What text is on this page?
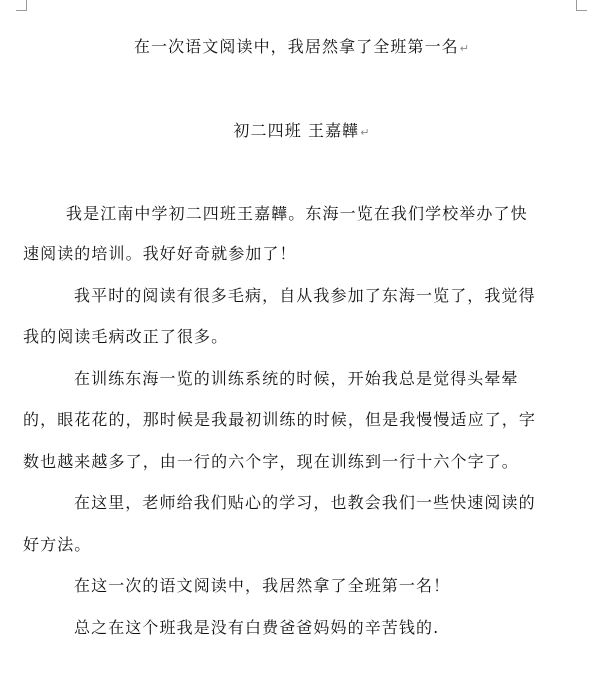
在一次语文阅读中，我居然拿了全班第一名↵
初二四班 王嘉韡↵
我是江南中学初二四班王嘉韡。东海一览在我们学校举办了快
速阅读的培训。我好好奇就参加了！
我平时的阅读有很多毛病，自从我参加了东海一览了，我觉得
我的阅读毛病改正了很多。
在训练东海一览的训练系统的时候，开始我总是觉得头晕晕
的，眼花花的，那时候是我最初训练的时候，但是我慢慢适应了，字
数也越来越多了，由一行的六个字，现在训练到一行十六个字了。
在这里，老师给我们贴心的学习，也教会我们一些快速阅读的
好方法。
在这一次的语文阅读中，我居然拿了全班第一名！
总之在这个班我是没有白费爸爸妈妈的辛苦钱的.
